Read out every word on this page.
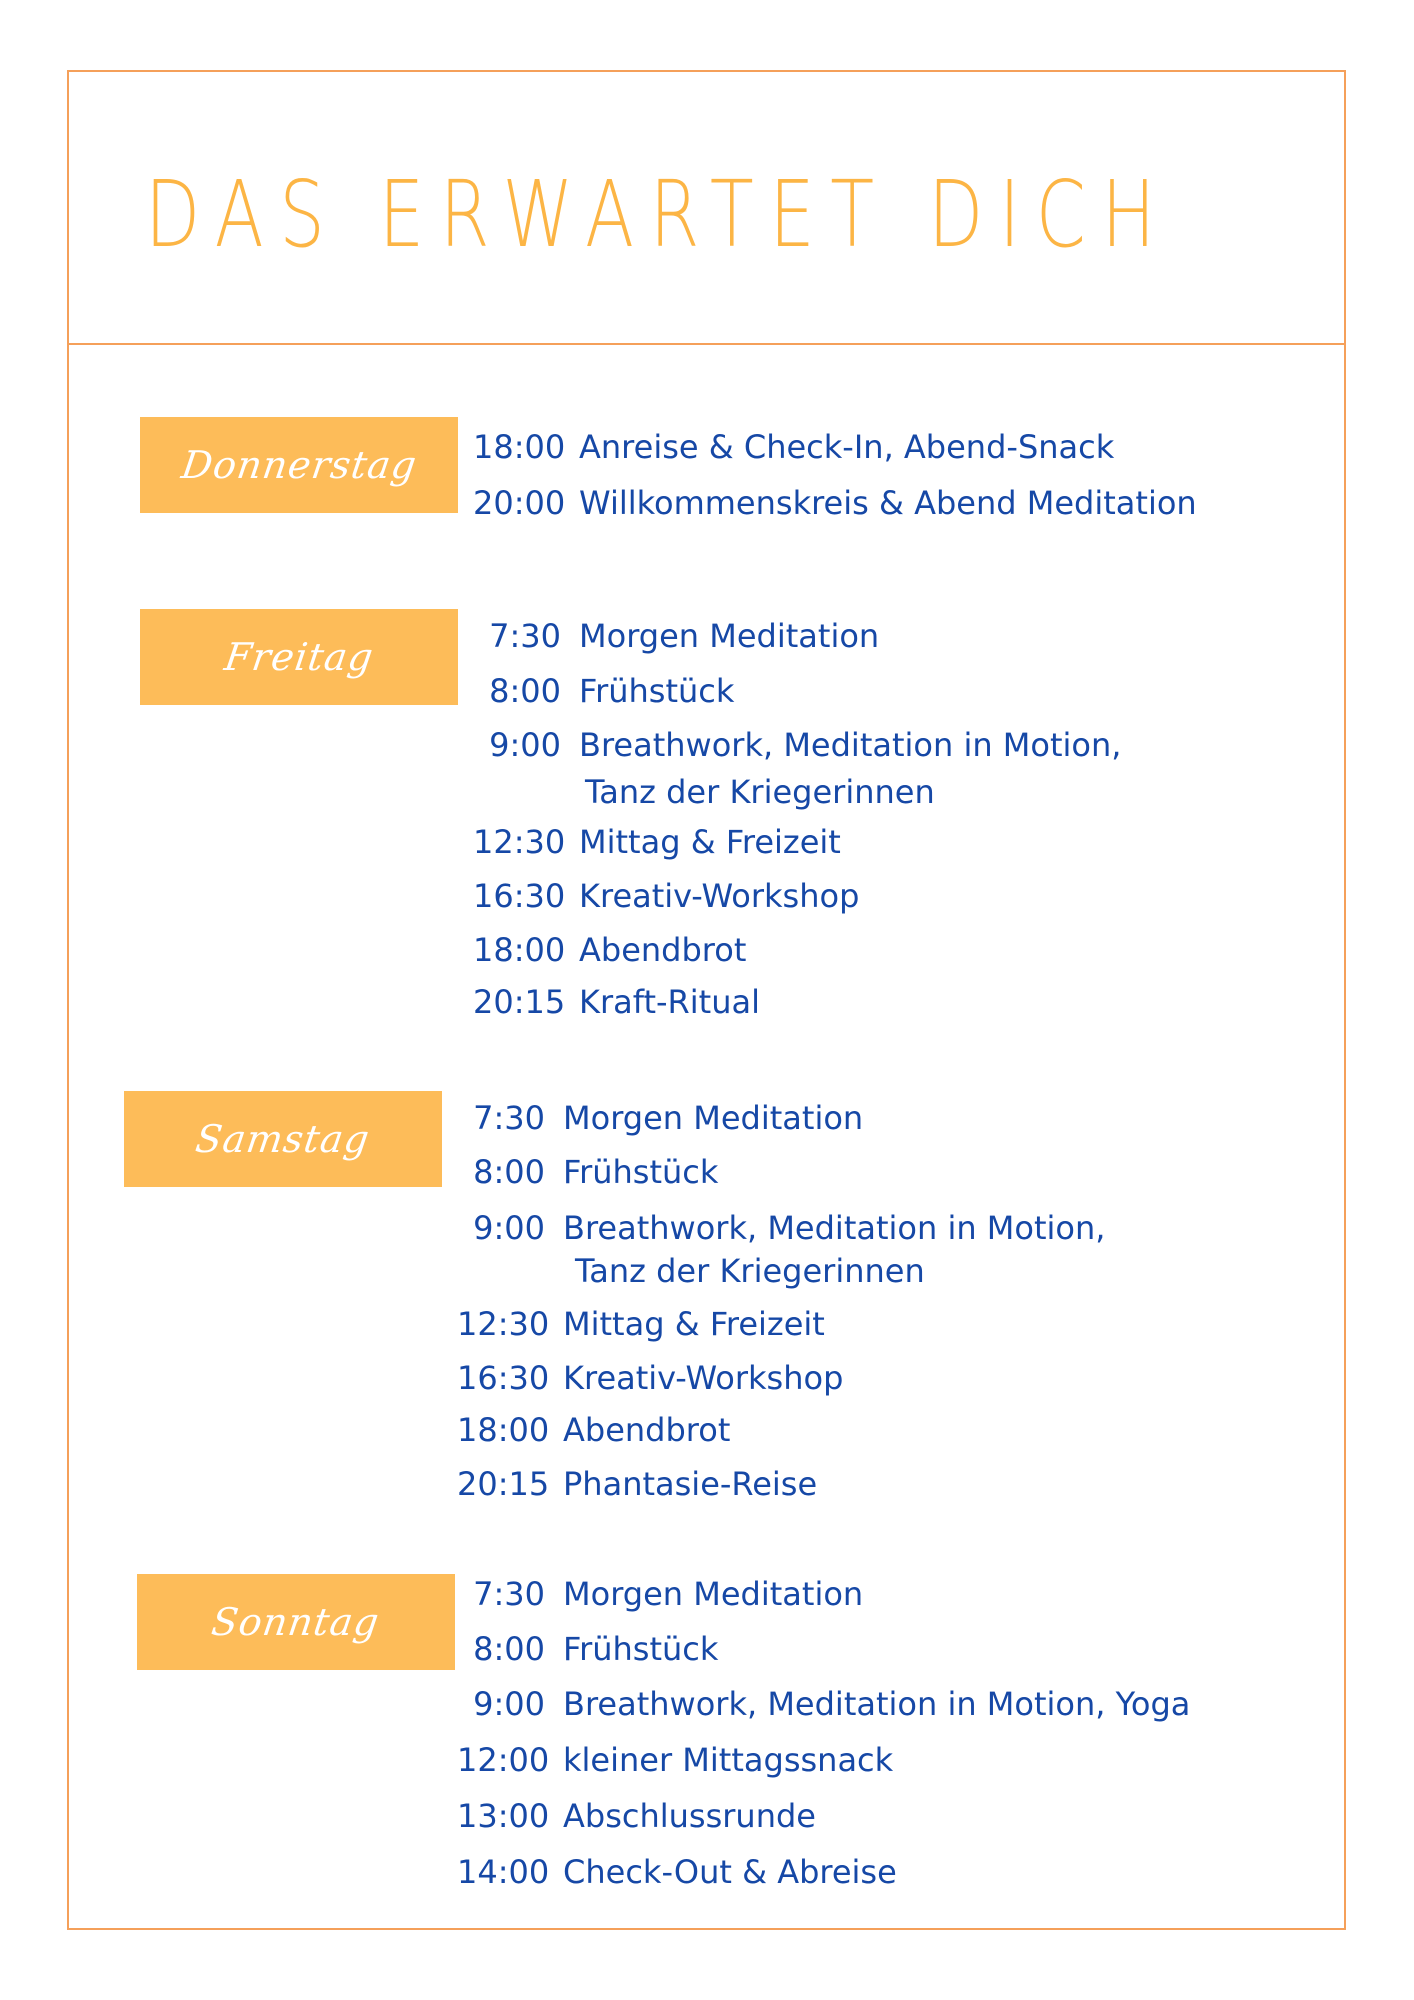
DAS ERWARTET DICH
Donnerstag 18:00 Anreise & Check-In, Abend-Snack
20:00 Willkommenskreis & Abend Meditation
Freitag	7:30 Morgen Meditation
8:00 Frühstück
9:00 Breathwork, Meditation in Motion,
Tanz der Kriegerinnen
12:30 Mittag & Freizeit
16:30 Kreativ-Workshop
18:00 Abendbrot
20:15 Kraft-Ritual
Samstag	7:30 Morgen Meditation
8:00 Frühstück
9:00 Breathwork, Meditation in Motion,
Tanz der Kriegerinnen
12:30 Mittag & Freizeit
16:30 Kreativ-Workshop
18:00 Abendbrot
20:15 Phantasie-Reise
Sonntag
7:30 Morgen Meditation
8:00 Frühstück
9:00 Breathwork, Meditation in Motion, Yoga
12:00 kleiner Mittagssnack
13:00 Abschlussrunde
14:00 Check-Out & Abreise
